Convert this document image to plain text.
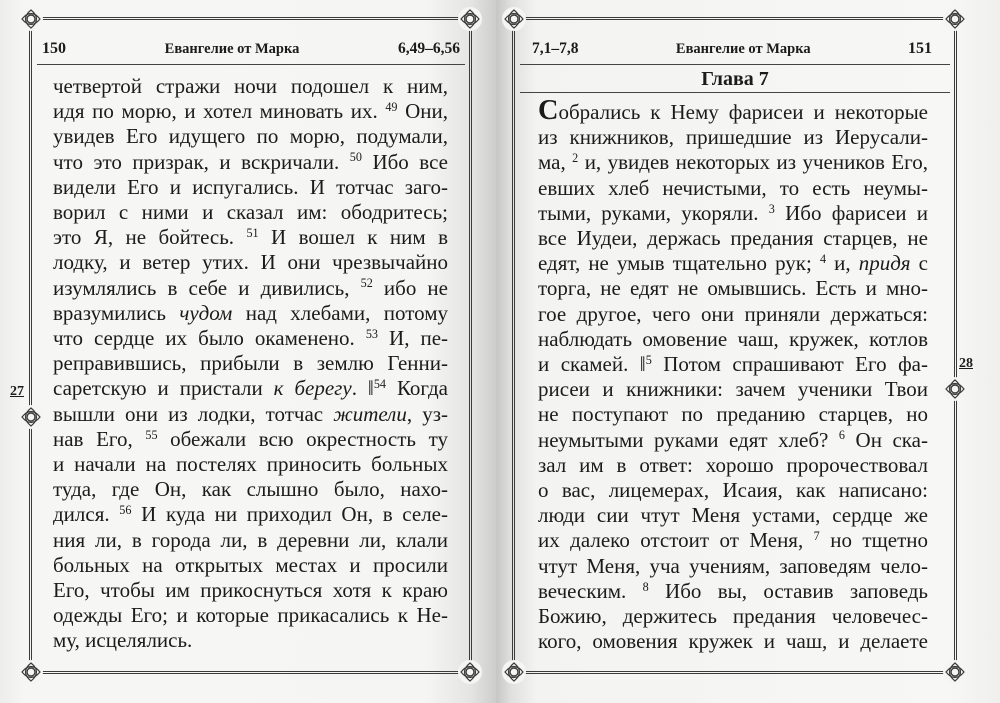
150	Евангелие от Марка	6,49–6,56
27
четвертой стражи ночи подошел к ним,
идя по морю, и хотел миновать их. $^{49}$ Они,
увидев Его идущего по морю, подумали,
что это призрак, и вскричали. $^{50}$ Ибо все
видели Его и испугались. И тотчас заго-
ворил с ними и сказал им: ободритесь;
это Я, не бойтесь. $^{51}$ И вошел к ним в
лодку, и ветер утих. И они чрезвычайно
изумлялись в себе и дивились, $^{52}$ ибо не
вразумились чудом над хлебами, потому
что сердце их было окаменено. $^{53}$ И, пе-
реправившись, прибыли в землю Генни-
саретскую и пристали к берегу. ‖$^{54}$ Когда
вышли они из лодки, тотчас жители, уз-
нав Его, $^{55}$ обежали всю окрестность ту
и начали на постелях приносить больных
туда, где Он, как слышно было, нахо-
дился. $^{56}$ И куда ни приходил Он, в селе-
ния ли, в города ли, в деревни ли, клали
больных на открытых местах и просили
Его, чтобы им прикоснуться хотя к краю
одежды Его; и которые прикасались к Не-
му, исцелялись.
7,1–7,8	Евангелие от Марка	151
Глава 7
28
Собрались к Нему фарисеи и некоторые
из книжников, пришедшие из Иерусали-
ма, $^2$ и, увидев некоторых из учеников Его,
евших хлеб нечистыми, то есть неумы-
тыми, руками, укоряли. $^3$ Ибо фарисеи и
все Иудеи, держась предания старцев, не
едят, не умыв тщательно рук; $^4$ и, придя с
торга, не едят не омывшись. Есть и мно-
гое другое, чего они приняли держаться:
наблюдать омовение чаш, кружек, котлов
и скамей. ‖$^5$ Потом спрашивают Его фа-
рисеи и книжники: зачем ученики Твои
не поступают по преданию старцев, но
неумытыми руками едят хлеб? $^6$ Он ска-
зал им в ответ: хорошо пророчествовал
о вас, лицемерах, Исаия, как написано:
люди сии чтут Меня устами, сердце же
их далеко отстоит от Меня, $^7$ но тщетно
чтут Меня, уча учениям, заповедям чело-
веческим. $^8$ Ибо вы, оставив заповедь
Божию, держитесь предания человечес-
кого, омовения кружек и чаш, и делаете
